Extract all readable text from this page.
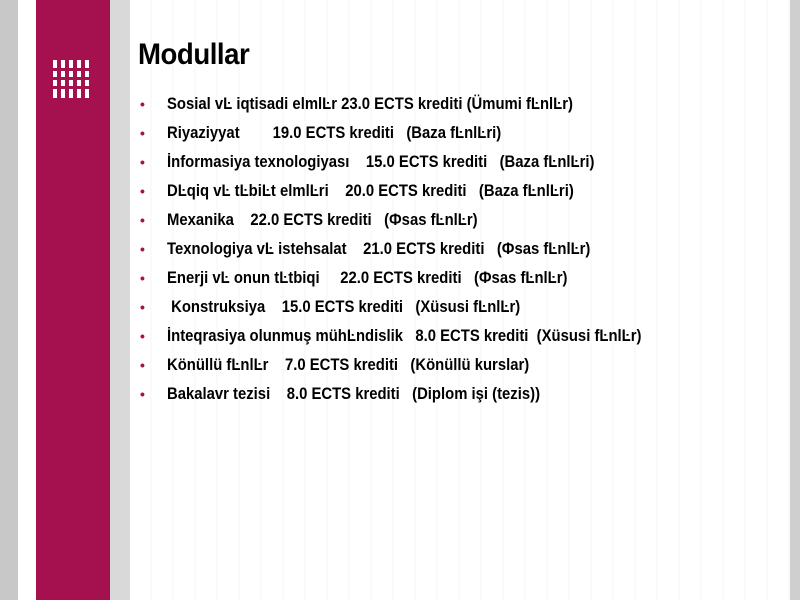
Modullar
• Sosial vĿ iqtisadi elmlĿr 23.0 ECTS krediti (Ümumi fĿnlĿr)
• Riyaziyyat        19.0 ECTS krediti   (Baza fĿnlĿri)
• İnformasiya texnologiyası    15.0 ECTS krediti   (Baza fĿnlĿri)
• DĿqiq vĿ tĿbiĿt elmlĿri    20.0 ECTS krediti   (Baza fĿnlĿri)
• Mexanika    22.0 ECTS krediti   (Фsas fĿnlĿr)
• Texnologiya vĿ istehsalat    21.0 ECTS krediti   (Фsas fĿnlĿr)
• Enerji vĿ onun tĿtbiqi     22.0 ECTS krediti   (Фsas fĿnlĿr)
• Konstruksiya    15.0 ECTS krediti   (Xüsusi fĿnlĿr)
• İnteqrasiya olunmuş mühĿndislik   8.0 ECTS krediti  (Xüsusi fĿnlĿr)
• Könüllü fĿnlĿr    7.0 ECTS krediti   (Könüllü kurslar)
• Bakalavr tezisi    8.0 ECTS krediti   (Diplom işi (tezis))
